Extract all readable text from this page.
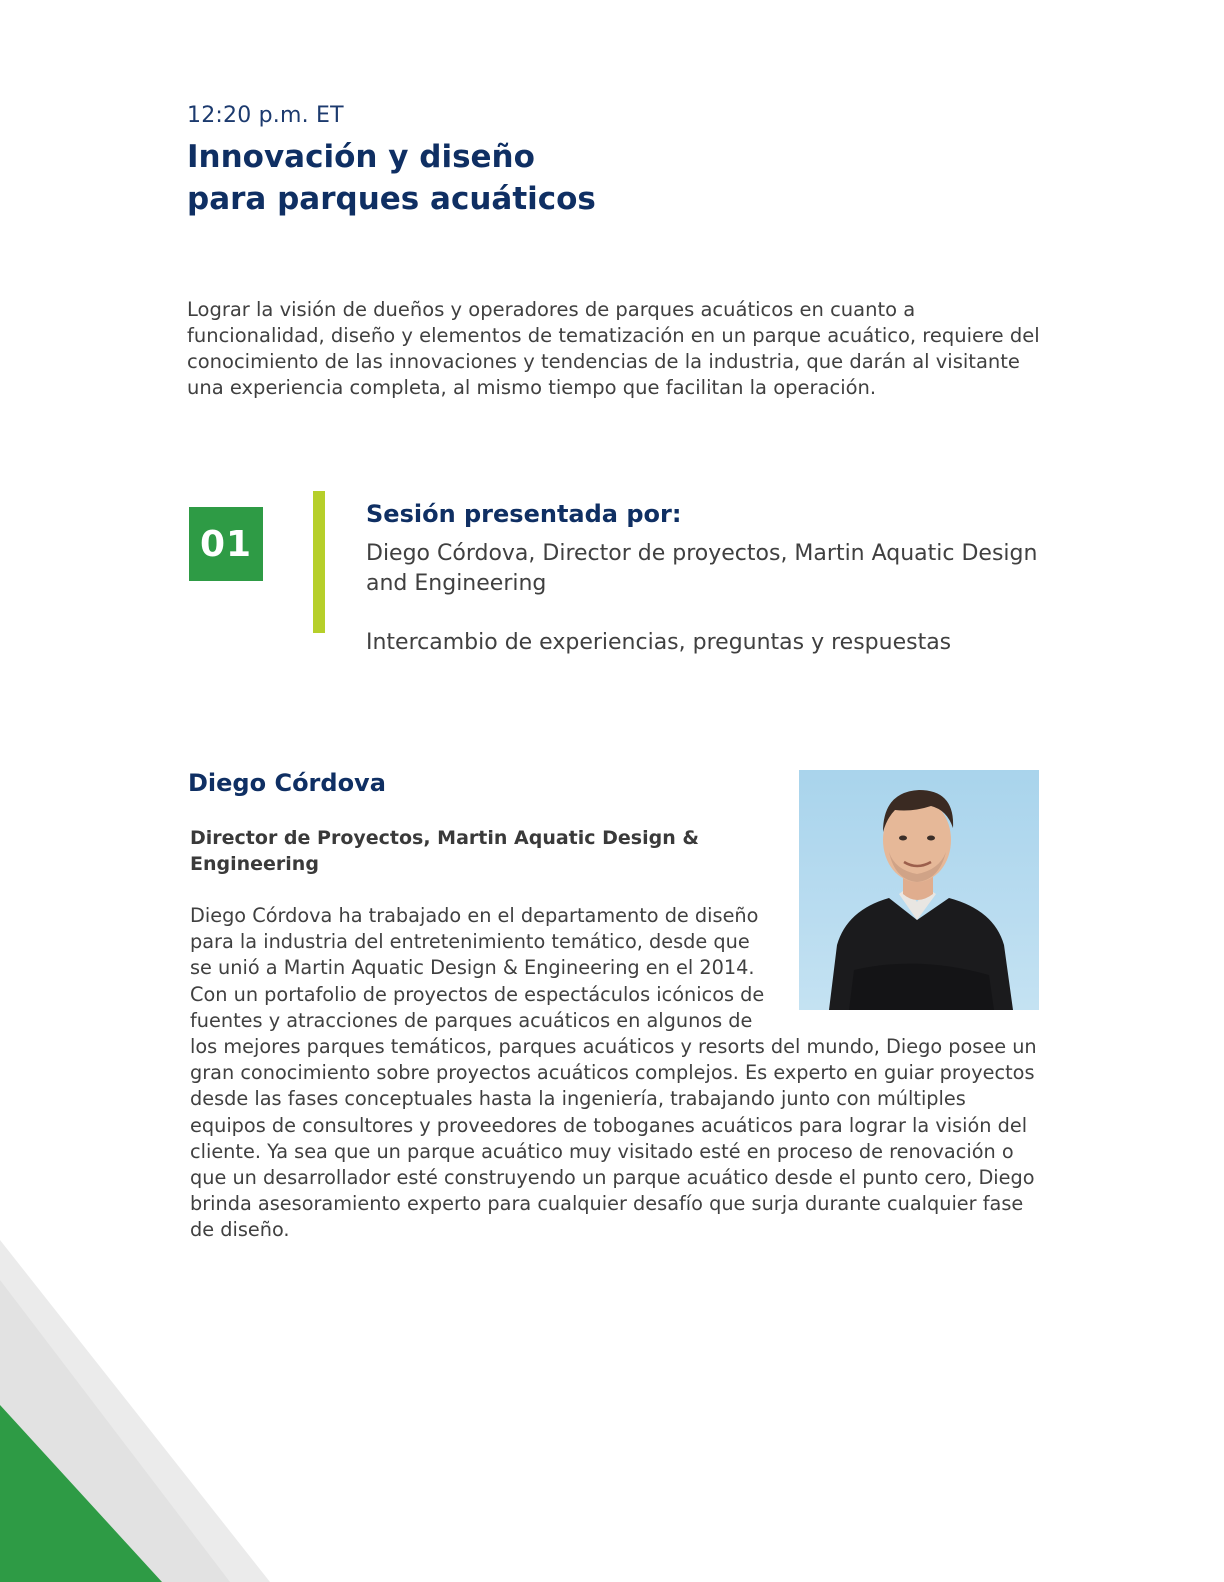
12:20 p.m. ET
Innovación y diseño
para parques acuáticos
Lograr la visión de dueños y operadores de parques acuáticos en cuanto a funcionalidad, diseño y elementos de tematización en un parque acuático, requiere del conocimiento de las innovaciones y tendencias de la industria, que darán al visitante una experiencia completa, al mismo tiempo que facilitan la operación.
01
Sesión presentada por:
Diego Córdova, Director de proyectos, Martin Aquatic Design and Engineering
Intercambio de experiencias, preguntas y respuestas
Diego Córdova
Director de Proyectos, Martin Aquatic Design & Engineering
Diego Córdova ha trabajado en el departamento de diseño para la industria del entretenimiento temático, desde que se unió a Martin Aquatic Design & Engineering en el 2014. Con un portafolio de proyectos de espectáculos icónicos de fuentes y atracciones de parques acuáticos en algunos de los mejores parques temáticos, parques acuáticos y resorts del mundo, Diego posee un gran conocimiento sobre proyectos acuáticos complejos. Es experto en guiar proyectos desde las fases conceptuales hasta la ingeniería, trabajando junto con múltiples equipos de consultores y proveedores de toboganes acuáticos para lograr la visión del cliente. Ya sea que un parque acuático muy visitado esté en proceso de renovación o que un desarrollador esté construyendo un parque acuático desde el punto cero, Diego brinda asesoramiento experto para cualquier desafío que surja durante cualquier fase de diseño.
